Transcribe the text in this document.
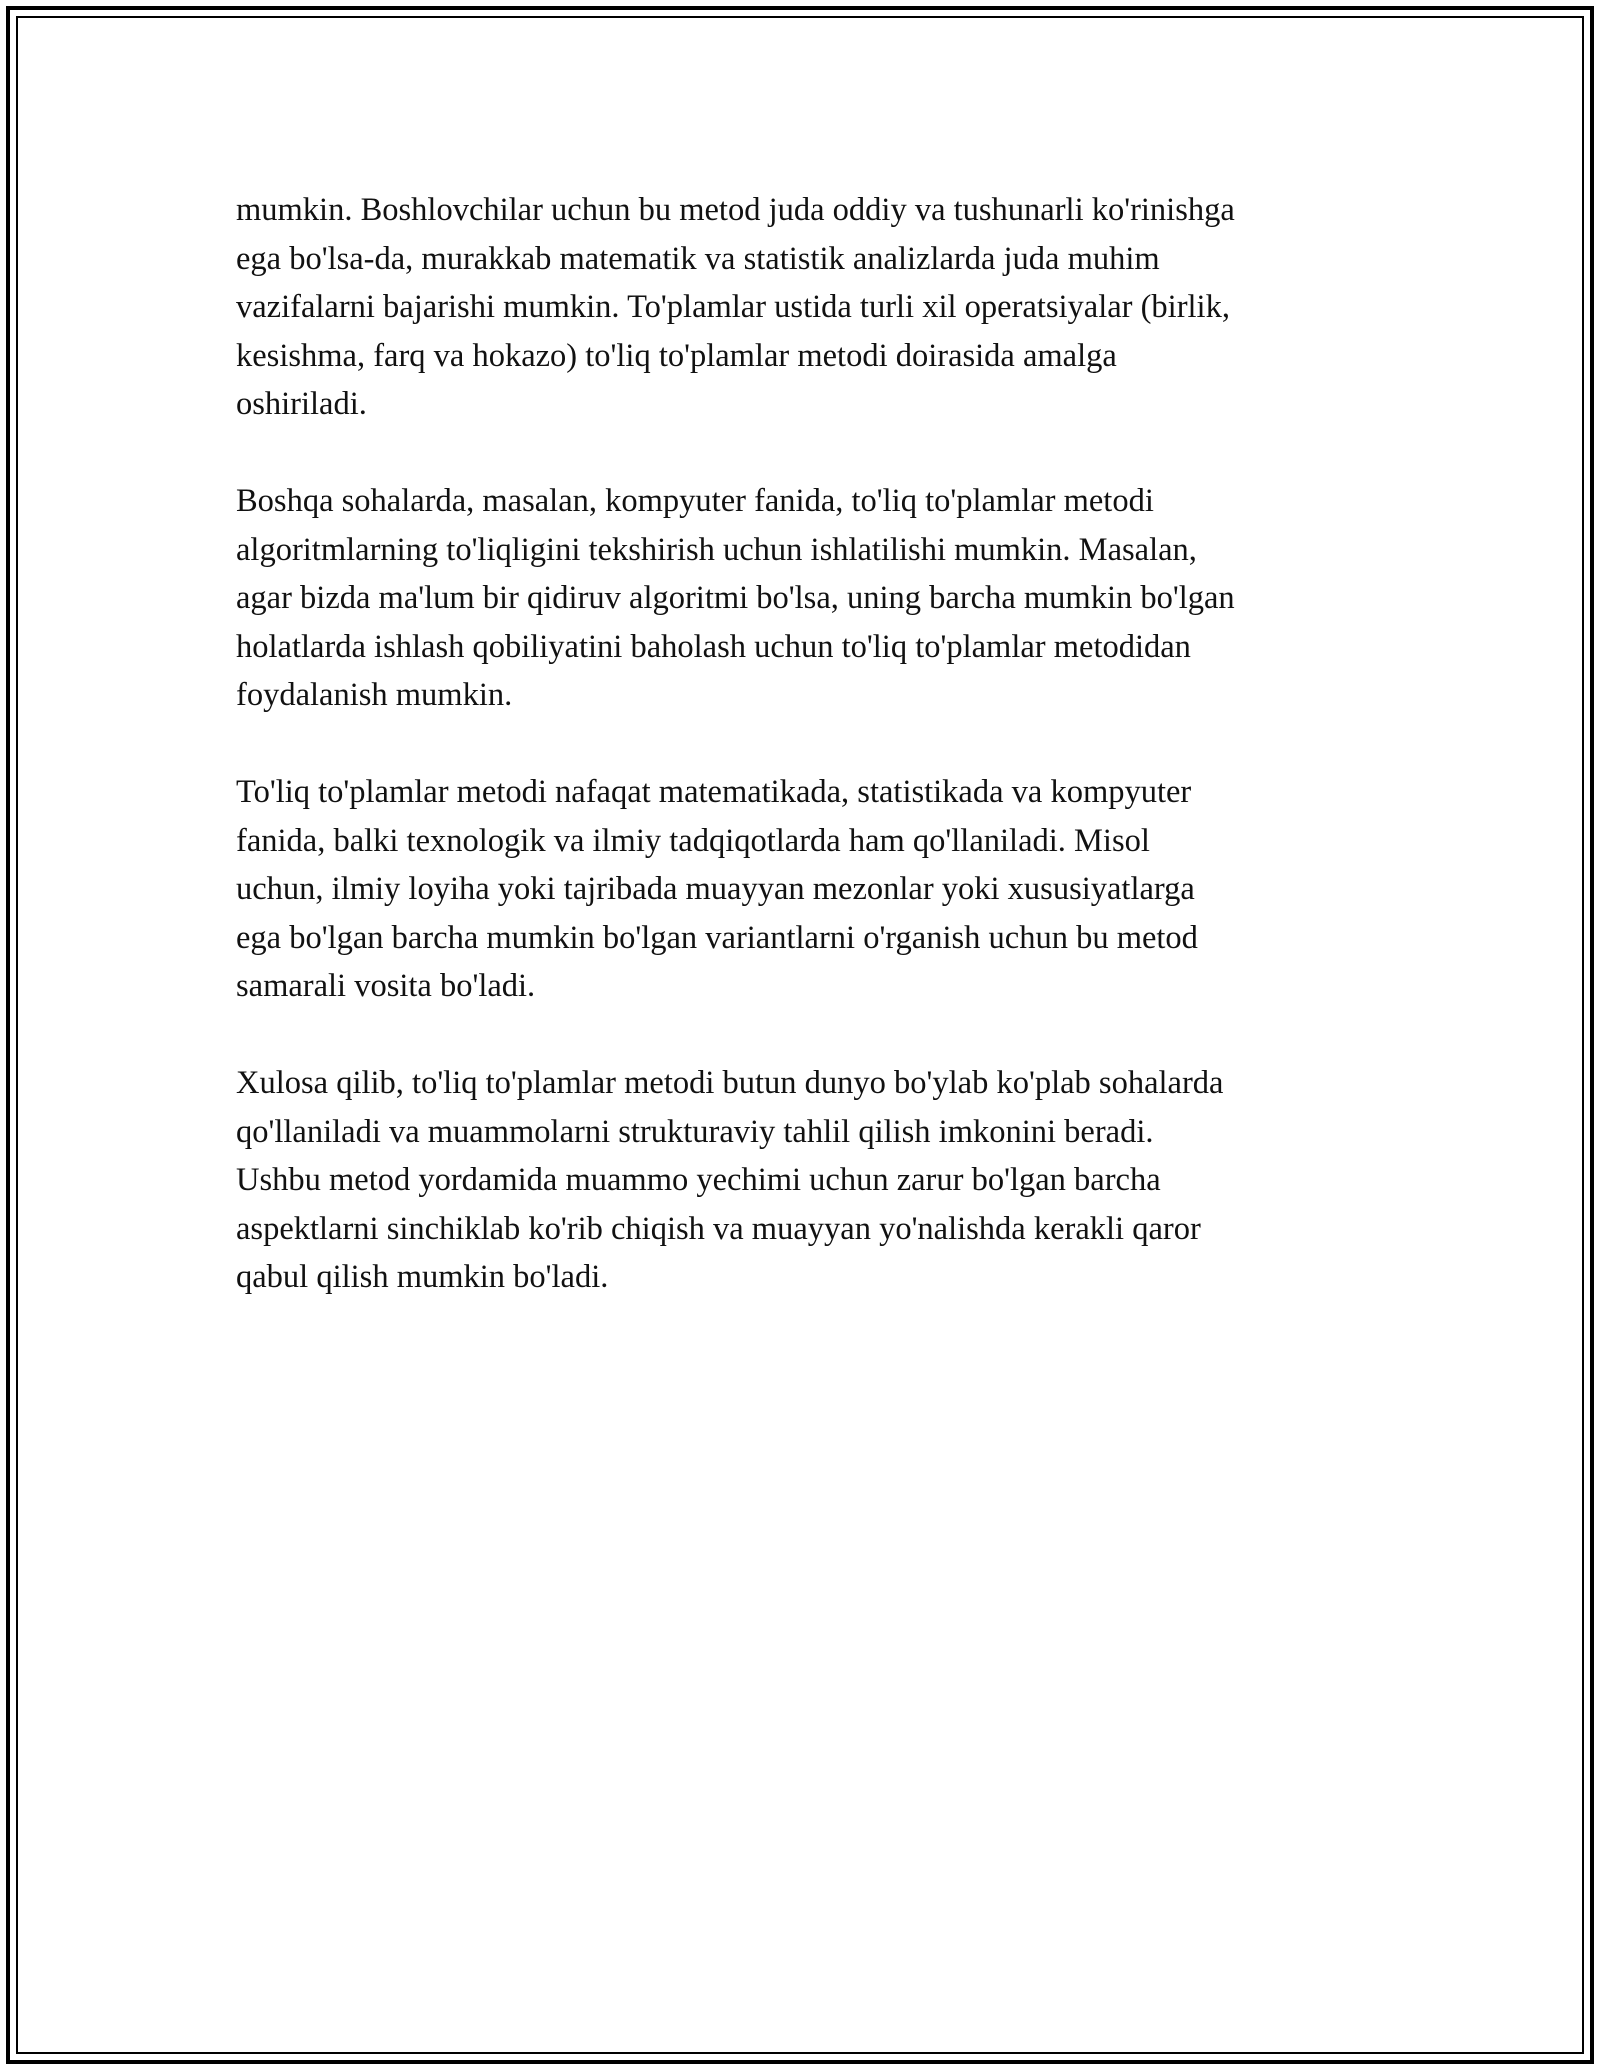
mumkin. Boshlovchilar uchun bu metod juda oddiy va tushunarli ko'rinishga
ega bo'lsa-da, murakkab matematik va statistik analizlarda juda muhim
vazifalarni bajarishi mumkin. To'plamlar ustida turli xil operatsiyalar (birlik,
kesishma, farq va hokazo) to'liq to'plamlar metodi doirasida amalga
oshiriladi.

Boshqa sohalarda, masalan, kompyuter fanida, to'liq to'plamlar metodi
algoritmlarning to'liqligini tekshirish uchun ishlatilishi mumkin. Masalan,
agar bizda ma'lum bir qidiruv algoritmi bo'lsa, uning barcha mumkin bo'lgan
holatlarda ishlash qobiliyatini baholash uchun to'liq to'plamlar metodidan
foydalanish mumkin.

To'liq to'plamlar metodi nafaqat matematikada, statistikada va kompyuter
fanida, balki texnologik va ilmiy tadqiqotlarda ham qo'llaniladi. Misol
uchun, ilmiy loyiha yoki tajribada muayyan mezonlar yoki xususiyatlarga
ega bo'lgan barcha mumkin bo'lgan variantlarni o'rganish uchun bu metod
samarali vosita bo'ladi.

Xulosa qilib, to'liq to'plamlar metodi butun dunyo bo'ylab ko'plab sohalarda
qo'llaniladi va muammolarni strukturaviy tahlil qilish imkonini beradi.
Ushbu metod yordamida muammo yechimi uchun zarur bo'lgan barcha
aspektlarni sinchiklab ko'rib chiqish va muayyan yo'nalishda kerakli qaror
qabul qilish mumkin bo'ladi.
